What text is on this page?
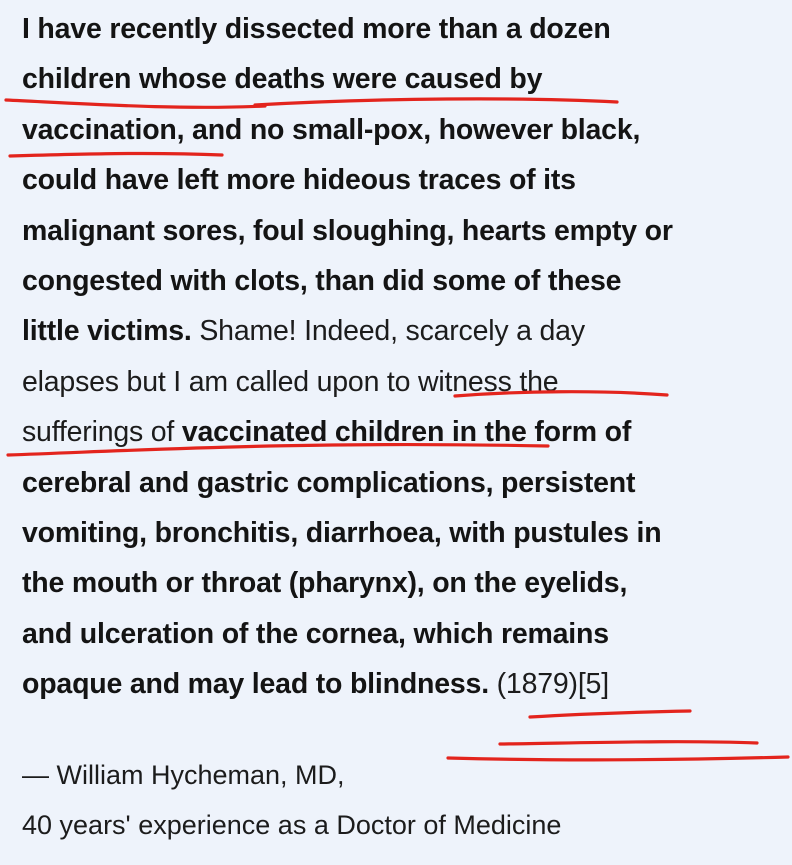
I have recently dissected more than a dozen
children whose deaths were caused by
vaccination, and no small-pox, however black,
could have left more hideous traces of its
malignant sores, foul sloughing, hearts empty or
congested with clots, than did some of these
little victims. Shame! Indeed, scarcely a day
elapses but I am called upon to witness the
sufferings of vaccinated children in the form of
cerebral and gastric complications, persistent
vomiting, bronchitis, diarrhoea, with pustules in
the mouth or throat (pharynx), on the eyelids,
and ulceration of the cornea, which remains
opaque and may lead to blindness. (1879)[5]
— William Hycheman, MD,
40 years' experience as a Doctor of Medicine
